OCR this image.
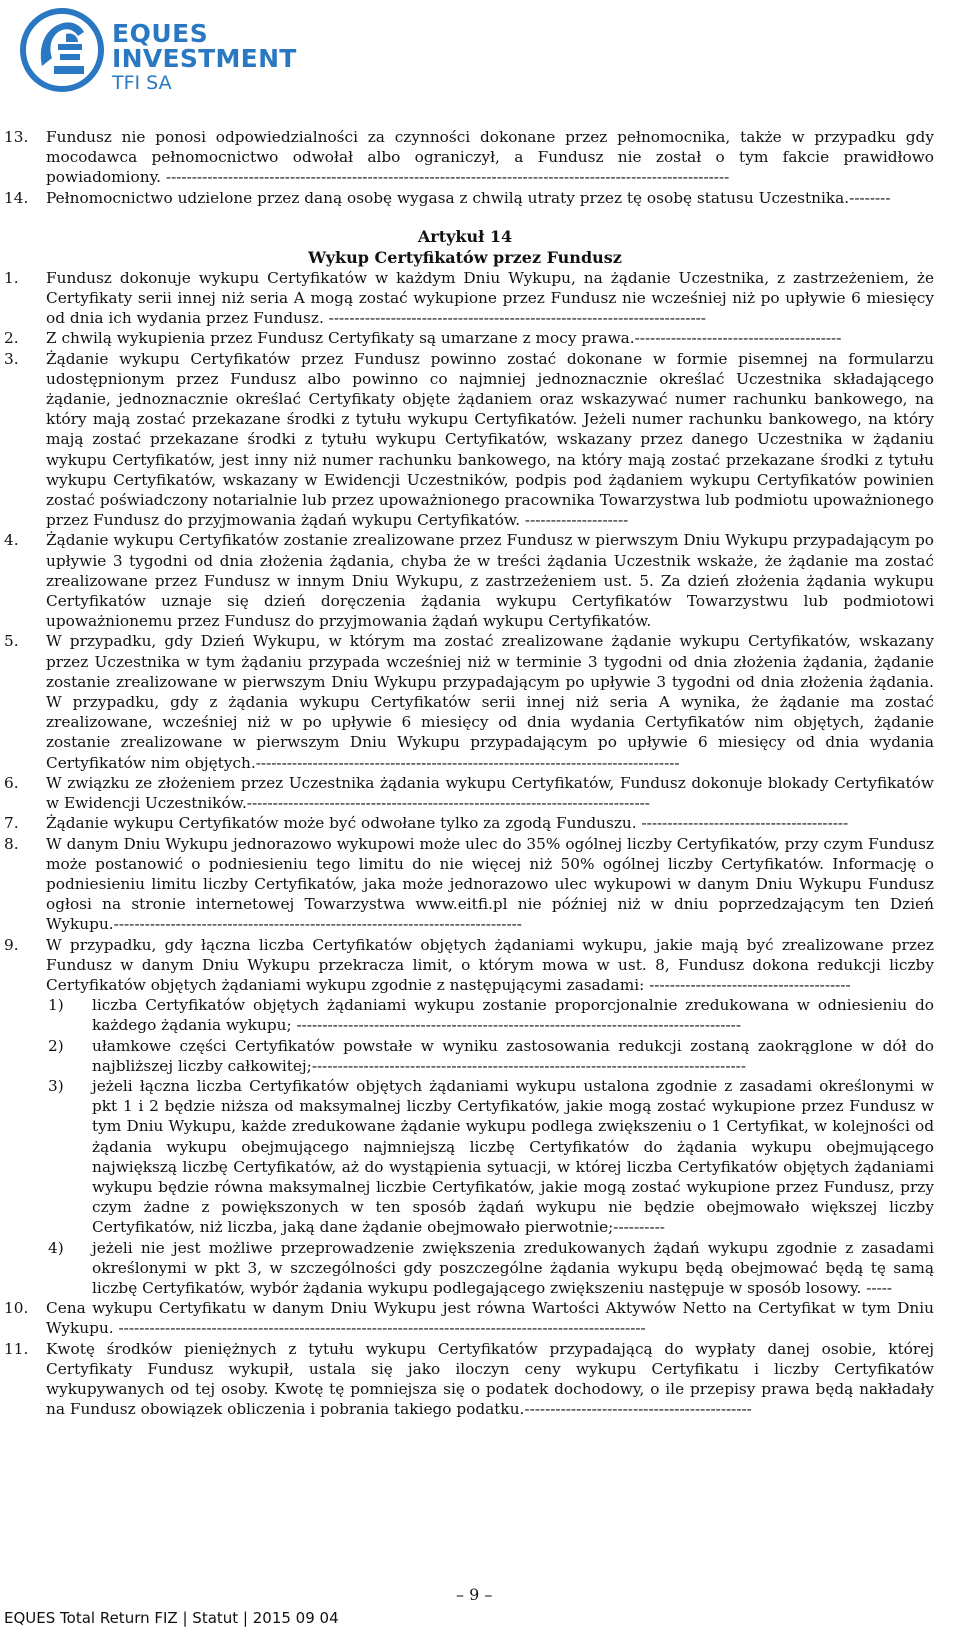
EQUES
INVESTMENT
TFI SA
13.	Fundusz nie ponosi odpowiedzialności za czynności dokonane przez pełnomocnika, także w przypadku gdy mocodawca pełnomocnictwo odwołał albo ograniczył, a Fundusz nie został o tym fakcie prawidłowo powiadomiony. -------------------------------------------------------------------------------------------------------------
14.	Pełnomocnictwo udzielone przez daną osobę wygasa z chwilą utraty przez tę osobę statusu Uczestnika.--------
Artykuł 14
Wykup Certyfikatów przez Fundusz
1.	Fundusz dokonuje wykupu Certyfikatów w każdym Dniu Wykupu, na żądanie Uczestnika, z zastrzeżeniem, że Certyfikaty serii innej niż seria A mogą zostać wykupione przez Fundusz nie wcześniej niż po upływie 6 miesięcy od dnia ich wydania przez Fundusz. -------------------------------------------------------------------------
2.	Z chwilą wykupienia przez Fundusz Certyfikaty są umarzane z mocy prawa.----------------------------------------
3.	Żądanie wykupu Certyfikatów przez Fundusz powinno zostać dokonane w formie pisemnej na formularzu udostępnionym przez Fundusz albo powinno co najmniej jednoznacznie określać Uczestnika składającego żądanie, jednoznacznie określać Certyfikaty objęte żądaniem oraz wskazywać numer rachunku bankowego, na który mają zostać przekazane środki z tytułu wykupu Certyfikatów. Jeżeli numer rachunku bankowego, na który mają zostać przekazane środki z tytułu wykupu Certyfikatów, wskazany przez danego Uczestnika w żądaniu wykupu Certyfikatów, jest inny niż numer rachunku bankowego, na który mają zostać przekazane środki z tytułu wykupu Certyfikatów, wskazany w Ewidencji Uczestników, podpis pod żądaniem wykupu Certyfikatów powinien zostać poświadczony notarialnie lub przez upoważnionego pracownika Towarzystwa lub podmiotu upoważnionego przez Fundusz do przyjmowania żądań wykupu Certyfikatów. --------------------
4.	Żądanie wykupu Certyfikatów zostanie zrealizowane przez Fundusz w pierwszym Dniu Wykupu przypadającym po upływie 3 tygodni od dnia złożenia żądania, chyba że w treści żądania Uczestnik wskaże, że żądanie ma zostać zrealizowane przez Fundusz w innym Dniu Wykupu, z zastrzeżeniem ust. 5. Za dzień złożenia żądania wykupu Certyfikatów uznaje się dzień doręczenia żądania wykupu Certyfikatów Towarzystwu lub podmiotowi upoważnionemu przez Fundusz do przyjmowania żądań wykupu Certyfikatów.
5.	W przypadku, gdy Dzień Wykupu, w którym ma zostać zrealizowane żądanie wykupu Certyfikatów, wskazany przez Uczestnika w tym żądaniu przypada wcześniej niż w terminie 3 tygodni od dnia złożenia żądania, żądanie zostanie zrealizowane w pierwszym Dniu Wykupu przypadającym po upływie 3 tygodni od dnia złożenia żądania. W przypadku, gdy z żądania wykupu Certyfikatów serii innej niż seria A wynika, że żądanie ma zostać zrealizowane, wcześniej niż w po upływie 6 miesięcy od dnia wydania Certyfikatów nim objętych, żądanie zostanie zrealizowane w pierwszym Dniu Wykupu przypadającym po upływie 6 miesięcy od dnia wydania Certyfikatów nim objętych.----------------------------------------------------------------------------------
6.	W związku ze złożeniem przez Uczestnika żądania wykupu Certyfikatów, Fundusz dokonuje blokady Certyfikatów w Ewidencji Uczestników.------------------------------------------------------------------------------
7.	Żądanie wykupu Certyfikatów może być odwołane tylko za zgodą Funduszu. ----------------------------------------
8.	W danym Dniu Wykupu jednorazowo wykupowi może ulec do 35% ogólnej liczby Certyfikatów, przy czym Fundusz może postanowić o podniesieniu tego limitu do nie więcej niż 50% ogólnej liczby Certyfikatów. Informację o podniesieniu limitu liczby Certyfikatów, jaka może jednorazowo ulec wykupowi w danym Dniu Wykupu Fundusz ogłosi na stronie internetowej Towarzystwa www.eitfi.pl nie później niż w dniu poprzedzającym ten Dzień Wykupu.-------------------------------------------------------------------------------
9.	W przypadku, gdy łączna liczba Certyfikatów objętych żądaniami wykupu, jakie mają być zrealizowane przez Fundusz w danym Dniu Wykupu przekracza limit, o którym mowa w ust. 8, Fundusz dokona redukcji liczby Certyfikatów objętych żądaniami wykupu zgodnie z następującymi zasadami: ---------------------------------------
1)	liczba Certyfikatów objętych żądaniami wykupu zostanie proporcjonalnie zredukowana w odniesieniu do każdego żądania wykupu; --------------------------------------------------------------------------------------
2)	ułamkowe części Certyfikatów powstałe w wyniku zastosowania redukcji zostaną zaokrąglone w dół do najbliższej liczby całkowitej;------------------------------------------------------------------------------------
3)	jeżeli łączna liczba Certyfikatów objętych żądaniami wykupu ustalona zgodnie z zasadami określonymi w pkt 1 i 2 będzie niższa od maksymalnej liczby Certyfikatów, jakie mogą zostać wykupione przez Fundusz w tym Dniu Wykupu, każde zredukowane żądanie wykupu podlega zwiększeniu o 1 Certyfikat, w kolejności od żądania wykupu obejmującego najmniejszą liczbę Certyfikatów do żądania wykupu obejmującego największą liczbę Certyfikatów, aż do wystąpienia sytuacji, w której liczba Certyfikatów objętych żądaniami wykupu będzie równa maksymalnej liczbie Certyfikatów, jakie mogą zostać wykupione przez Fundusz, przy czym żadne z powiększonych w ten sposób żądań wykupu nie będzie obejmowało większej liczby Certyfikatów, niż liczba, jaką dane żądanie obejmowało pierwotnie;----------
4)	jeżeli nie jest możliwe przeprowadzenie zwiększenia zredukowanych żądań wykupu zgodnie z zasadami określonymi w pkt 3, w szczególności gdy poszczególne żądania wykupu będą obejmować będą tę samą liczbę Certyfikatów, wybór żądania wykupu podlegającego zwiększeniu następuje w sposób losowy. -----
10.	Cena wykupu Certyfikatu w danym Dniu Wykupu jest równa Wartości Aktywów Netto na Certyfikat w tym Dniu Wykupu. ------------------------------------------------------------------------------------------------------
11.	Kwotę środków pieniężnych z tytułu wykupu Certyfikatów przypadającą do wypłaty danej osobie, której Certyfikaty Fundusz wykupił, ustala się jako iloczyn ceny wykupu Certyfikatu i liczby Certyfikatów wykupywanych od tej osoby. Kwotę tę pomniejsza się o podatek dochodowy, o ile przepisy prawa będą nakładały na Fundusz obowiązek obliczenia i pobrania takiego podatku.--------------------------------------------
– 9 –
EQUES Total Return FIZ | Statut | 2015 09 04
